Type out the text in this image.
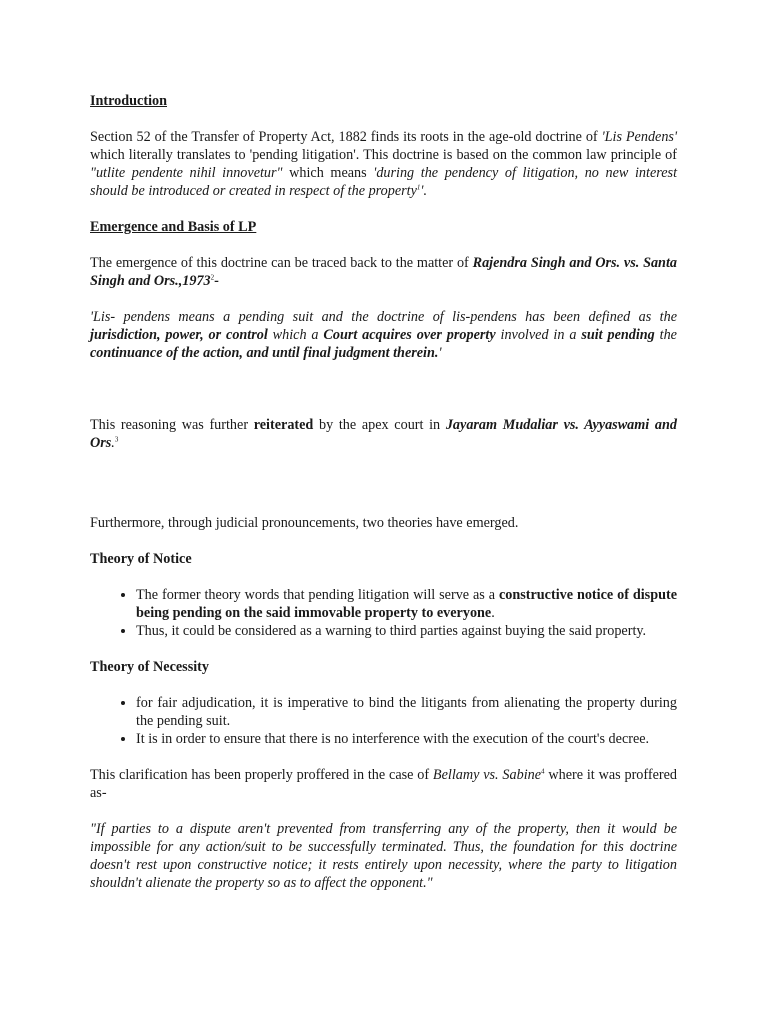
Introduction

Section 52 of the Transfer of Property Act, 1882 finds its roots in the age-old doctrine of 'Lis Pendens' which literally translates to 'pending litigation'. This doctrine is based on the common law principle of "utlite pendente nihil innovetur" which means 'during the pendency of litigation, no new interest should be introduced or created in respect of the property$^1$'.

Emergence and Basis of LP

The emergence of this doctrine can be traced back to the matter of Rajendra Singh and Ors. vs. Santa Singh and Ors.,1973$^2$-

'Lis- pendens means a pending suit and the doctrine of lis-pendens has been defined as the jurisdiction, power, or control which a Court acquires over property involved in a suit pending the continuance of the action, and until final judgment therein.'

This reasoning was further reiterated by the apex court in Jayaram Mudaliar vs. Ayyaswami and Ors.$^3$

Furthermore, through judicial pronouncements, two theories have emerged.

Theory of Notice

• The former theory words that pending litigation will serve as a constructive notice of dispute being pending on the said immovable property to everyone.
• Thus, it could be considered as a warning to third parties against buying the said property.

Theory of Necessity

• for fair adjudication, it is imperative to bind the litigants from alienating the property during the pending suit.
• It is in order to ensure that there is no interference with the execution of the court's decree.

This clarification has been properly proffered in the case of Bellamy vs. Sabine$^4$ where it was proffered as-

"If parties to a dispute aren't prevented from transferring any of the property, then it would be impossible for any action/suit to be successfully terminated. Thus, the foundation for this doctrine doesn't rest upon constructive notice; it rests entirely upon necessity, where the party to litigation shouldn't alienate the property so as to affect the opponent."
